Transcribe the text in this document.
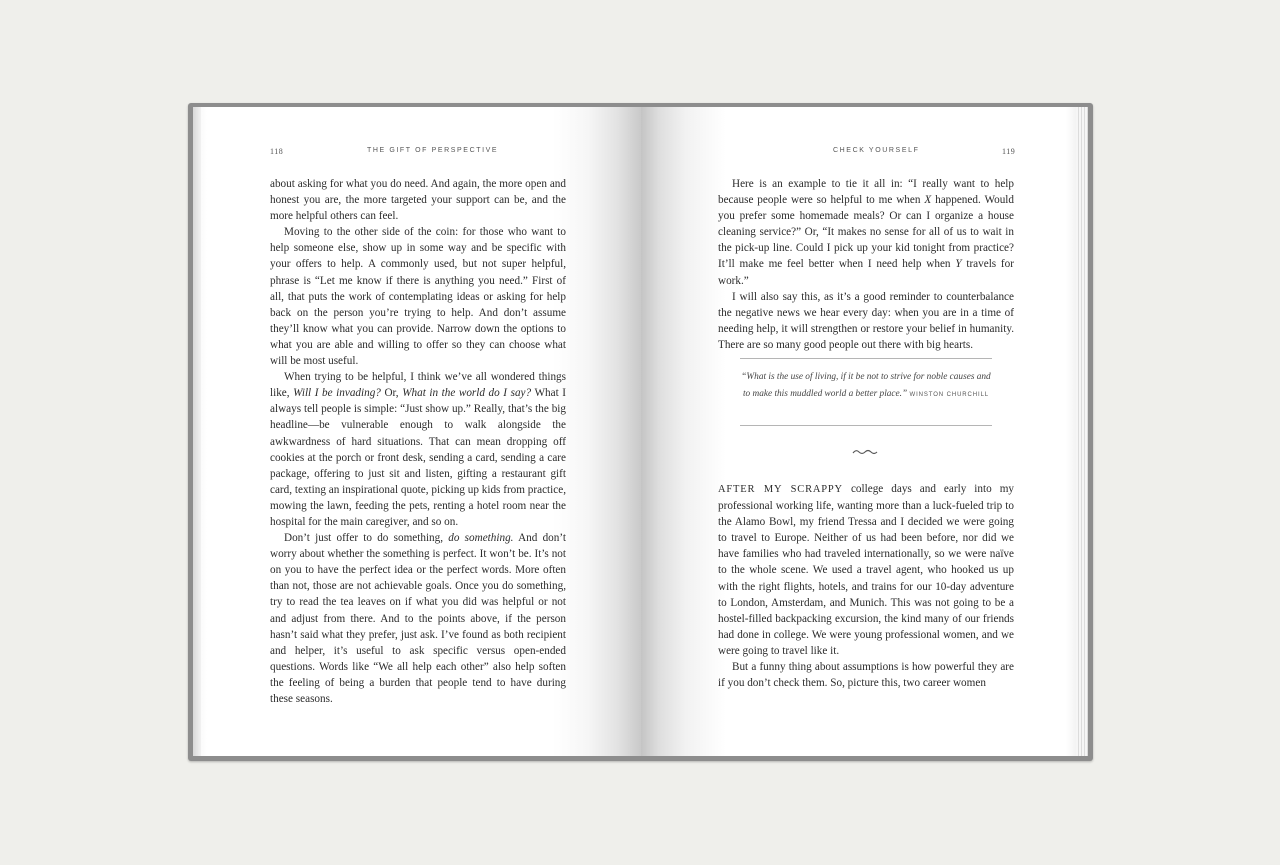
118	THE GIFT OF PERSPECTIVE	CHECK YOURSELF	119

about asking for what you do need. And again, the more open and honest you are, the more targeted your support can be, and the more helpful others can feel.

Moving to the other side of the coin: for those who want to help someone else, show up in some way and be specific with your offers to help. A commonly used, but not super helpful, phrase is “Let me know if there is anything you need.” First of all, that puts the work of contemplating ideas or asking for help back on the person you’re trying to help. And don’t assume they’ll know what you can provide. Narrow down the options to what you are able and willing to offer so they can choose what will be most useful.

When trying to be helpful, I think we’ve all wondered things like, Will I be invading? Or, What in the world do I say? What I always tell people is simple: “Just show up.” Really, that’s the big headline—be vulnerable enough to walk alongside the awkwardness of hard situations. That can mean dropping off cookies at the porch or front desk, sending a card, sending a care package, offering to just sit and listen, gifting a restaurant gift card, texting an inspirational quote, picking up kids from practice, mowing the lawn, feeding the pets, renting a hotel room near the hospital for the main caregiver, and so on.

Don’t just offer to do something, do something. And don’t worry about whether the something is perfect. It won’t be. It’s not on you to have the perfect idea or the perfect words. More often than not, those are not achievable goals. Once you do something, try to read the tea leaves on if what you did was helpful or not and adjust from there. And to the points above, if the person hasn’t said what they prefer, just ask. I’ve found as both recipient and helper, it’s useful to ask specific versus open-ended questions. Words like “We all help each other” also help soften the feeling of being a burden that people tend to have during these seasons.

Here is an example to tie it all in: “I really want to help because people were so helpful to me when X happened. Would you prefer some homemade meals? Or can I organize a house cleaning service?” Or, “It makes no sense for all of us to wait in the pick-up line. Could I pick up your kid tonight from practice? It’ll make me feel better when I need help when Y travels for work.”

I will also say this, as it’s a good reminder to counterbalance the negative news we hear every day: when you are in a time of needing help, it will strengthen or restore your belief in humanity. There are so many good people out there with big hearts.

“What is the use of living, if it be not to strive for noble causes and to make this muddled world a better place.” WINSTON CHURCHILL

AFTER MY SCRAPPY college days and early into my professional working life, wanting more than a luck-fueled trip to the Alamo Bowl, my friend Tressa and I decided we were going to travel to Europe. Neither of us had been before, nor did we have families who had traveled internationally, so we were naïve to the whole scene. We used a travel agent, who hooked us up with the right flights, hotels, and trains for our 10-day adventure to London, Amsterdam, and Munich. This was not going to be a hostel-filled backpacking excursion, the kind many of our friends had done in college. We were young professional women, and we were going to travel like it.

But a funny thing about assumptions is how powerful they are if you don’t check them. So, picture this, two career women
